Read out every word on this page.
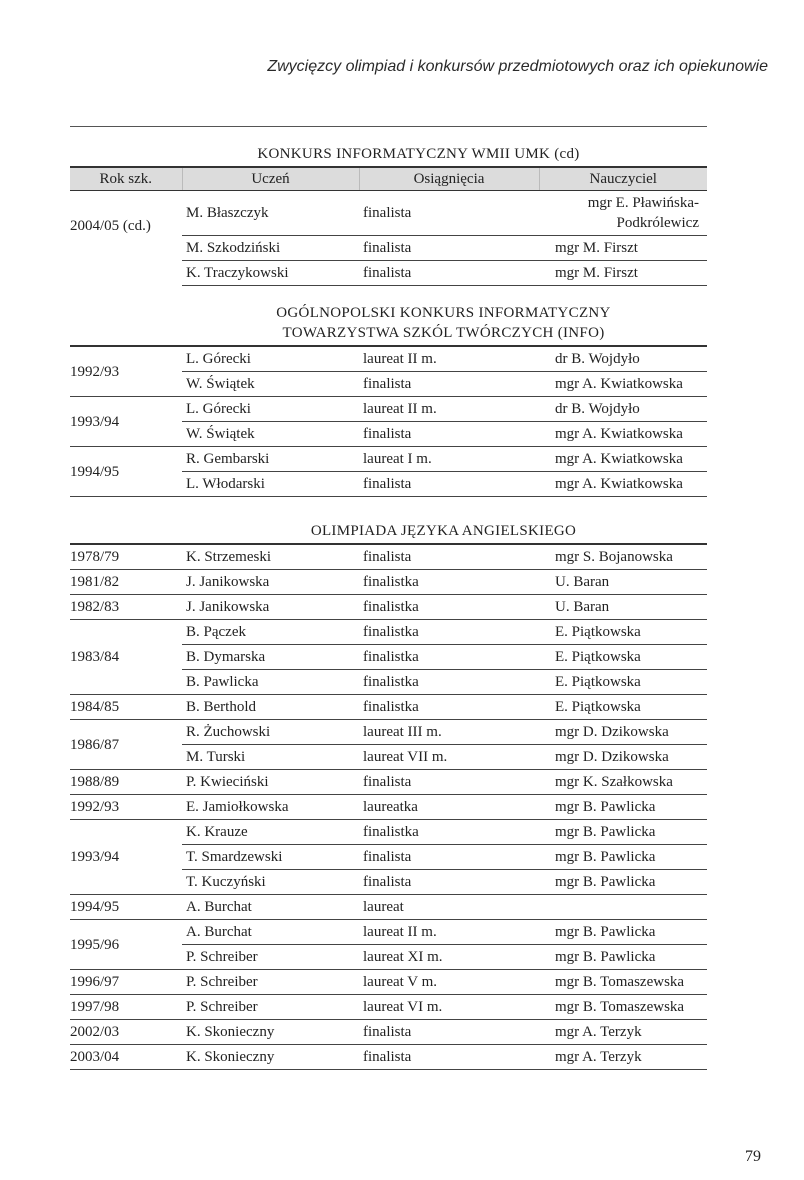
Zwycięzcy olimpiad i konkursów przedmiotowych oraz ich opiekunowie
KONKURS INFORMATYCZNY WMII UMK (cd)
Rok szk.	Uczeń	Osiągnięcia	Nauczyciel
2004/05 (cd.)	M. Błaszczyk	finalista	mgr E. Pławińska-Podkrólewicz
	M. Szkodziński	finalista	mgr M. Firszt
	K. Traczykowski	finalista	mgr M. Firszt
OGÓLNOPOLSKI KONKURS INFORMATYCZNY
TOWARZYSTWA SZKÓL TWÓRCZYCH (INFO)
1992/93	L. Górecki	laureat II m.	dr B. Wojdyło
	W. Świątek	finalista	mgr A. Kwiatkowska
1993/94	L. Górecki	laureat II m.	dr B. Wojdyło
	W. Świątek	finalista	mgr A. Kwiatkowska
1994/95	R. Gembarski	laureat I m.	mgr A. Kwiatkowska
	L. Włodarski	finalista	mgr A. Kwiatkowska
OLIMPIADA JĘZYKA ANGIELSKIEGO
1978/79	K. Strzemeski	finalista	mgr S. Bojanowska
1981/82	J. Janikowska	finalistka	U. Baran
1982/83	J. Janikowska	finalistka	U. Baran
1983/84	B. Pączek	finalistka	E. Piątkowska
	B. Dymarska	finalistka	E. Piątkowska
	B. Pawlicka	finalistka	E. Piątkowska
1984/85	B. Berthold	finalistka	E. Piątkowska
1986/87	R. Żuchowski	laureat III m.	mgr D. Dzikowska
	M. Turski	laureat VII m.	mgr D. Dzikowska
1988/89	P. Kwieciński	finalista	mgr K. Szałkowska
1992/93	E. Jamiołkowska	laureatka	mgr B. Pawlicka
1993/94	K. Krauze	finalistka	mgr B. Pawlicka
	T. Smardzewski	finalista	mgr B. Pawlicka
	T. Kuczyński	finalista	mgr B. Pawlicka
1994/95	A. Burchat	laureat	
1995/96	A. Burchat	laureat II m.	mgr B. Pawlicka
	P. Schreiber	laureat XI m.	mgr B. Pawlicka
1996/97	P. Schreiber	laureat V m.	mgr B. Tomaszewska
1997/98	P. Schreiber	laureat VI m.	mgr B. Tomaszewska
2002/03	K. Skonieczny	finalista	mgr A. Terzyk
2003/04	K. Skonieczny	finalista	mgr A. Terzyk
79
